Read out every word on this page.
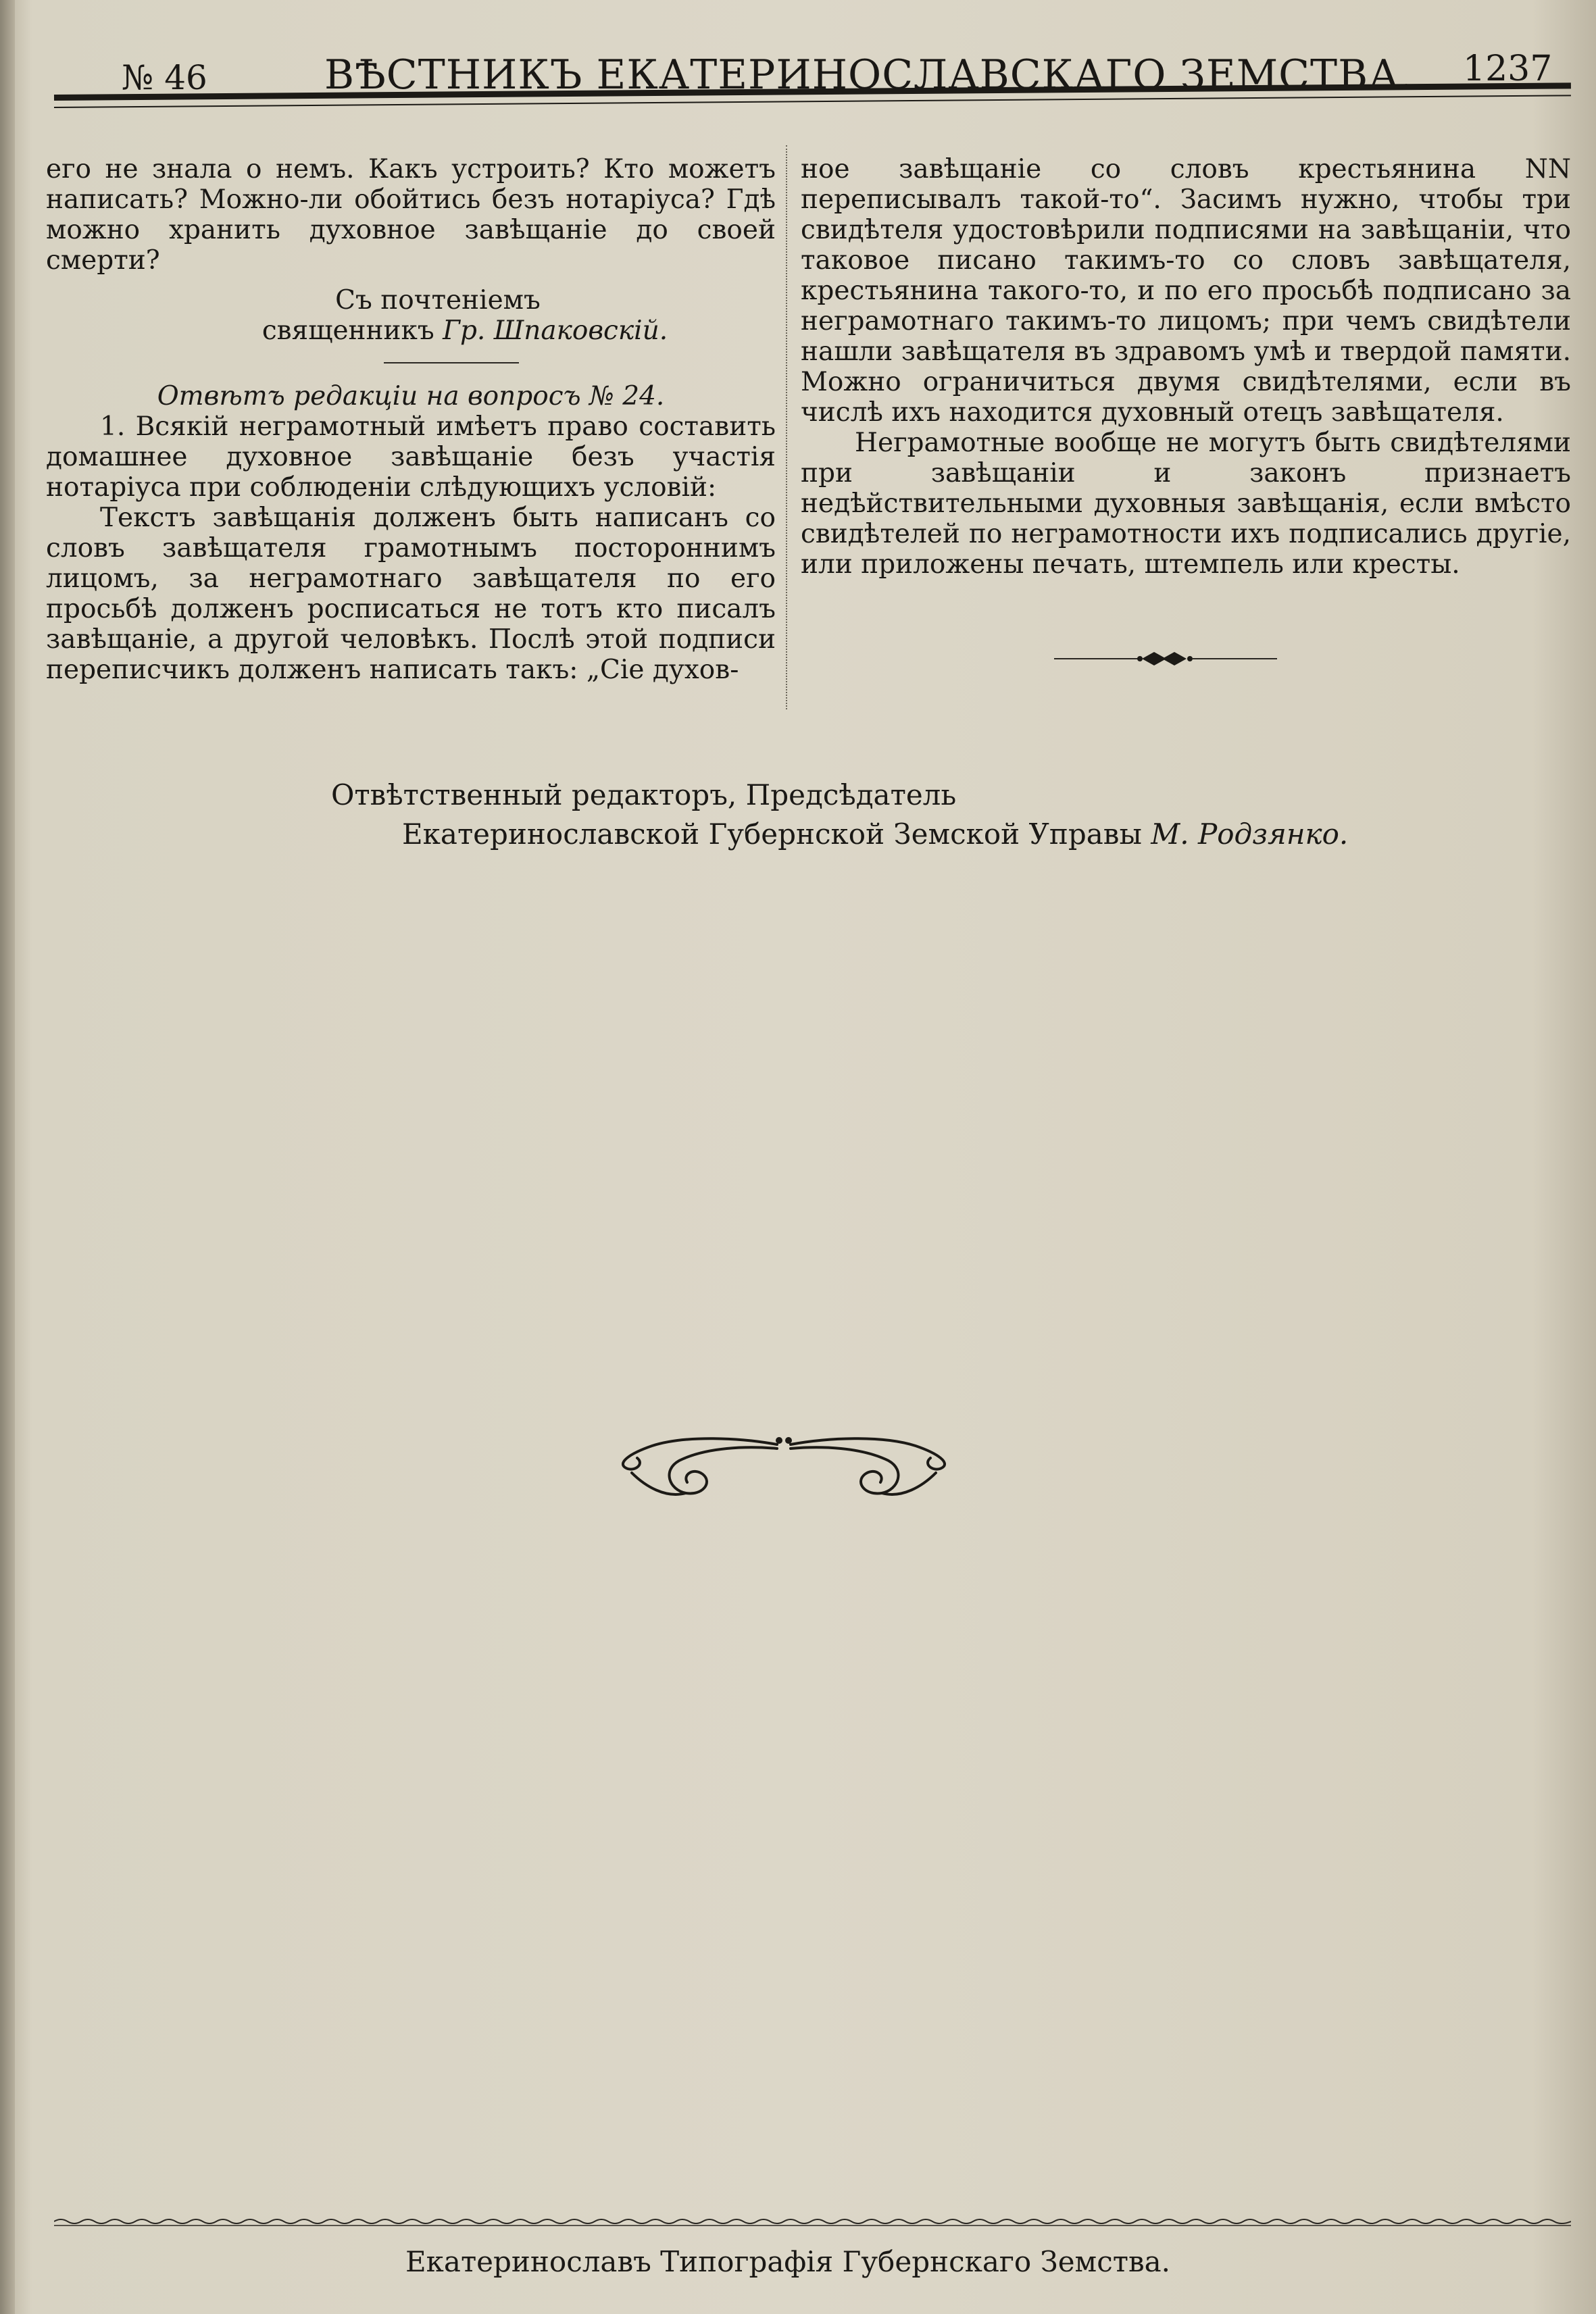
№ 46	ВѢСТНИКЪ ЕКАТЕРИНОСЛАВСКАГО ЗЕМСТВА. 1237

его не знала о немъ. Какъ устроить? Кто можетъ написать? Можно-ли обойтись безъ нотаріуса? Гдѣ можно хранить духовное завѣщаніе до своей смерти?

Съ почтеніемъ
священникъ Гр. Шпаковскій.

Отвѣтъ редакціи на вопросъ № 24.

1. Всякій неграмотный имѣетъ право составить домашнее духовное завѣщаніе безъ участія нотаріуса при соблюденіи слѣдующихъ условій:

Текстъ завѣщанія долженъ быть написанъ со словъ завѣщателя грамотнымъ постороннимъ лицомъ, за неграмотнаго завѣщателя по его просьбѣ долженъ росписаться не тотъ кто писалъ завѣщаніе, а другой человѣкъ. Послѣ этой подписи переписчикъ долженъ написать такъ: „Сіе духов-

ное завѣщаніе со словъ крестьянина NN переписывалъ такой-то“. Засимъ нужно, чтобы три свидѣтеля удостовѣрили подписями на завѣщаніи, что таковое писано такимъ-то со словъ завѣщателя, крестьянина такого-то, и по его просьбѣ подписано за неграмотнаго такимъ-то лицомъ; при чемъ свидѣтели нашли завѣщателя въ здравомъ умѣ и твердой памяти. Можно ограничиться двумя свидѣтелями, если въ числѣ ихъ находится духовный отецъ завѣщателя.

Неграмотные вообще не могутъ быть свидѣтелями при завѣщаніи и законъ признаетъ недѣйствительными духовныя завѣщанія, если вмѣсто свидѣтелей по неграмотности ихъ подписались другіе, или приложены печать, штемпель или кресты.

Отвѣтственный редакторъ, Предсѣдатель
Екатеринославской Губернской Земской Управы М. Родзянко.
Екатеринославъ Типографія Губернскаго Земства.
